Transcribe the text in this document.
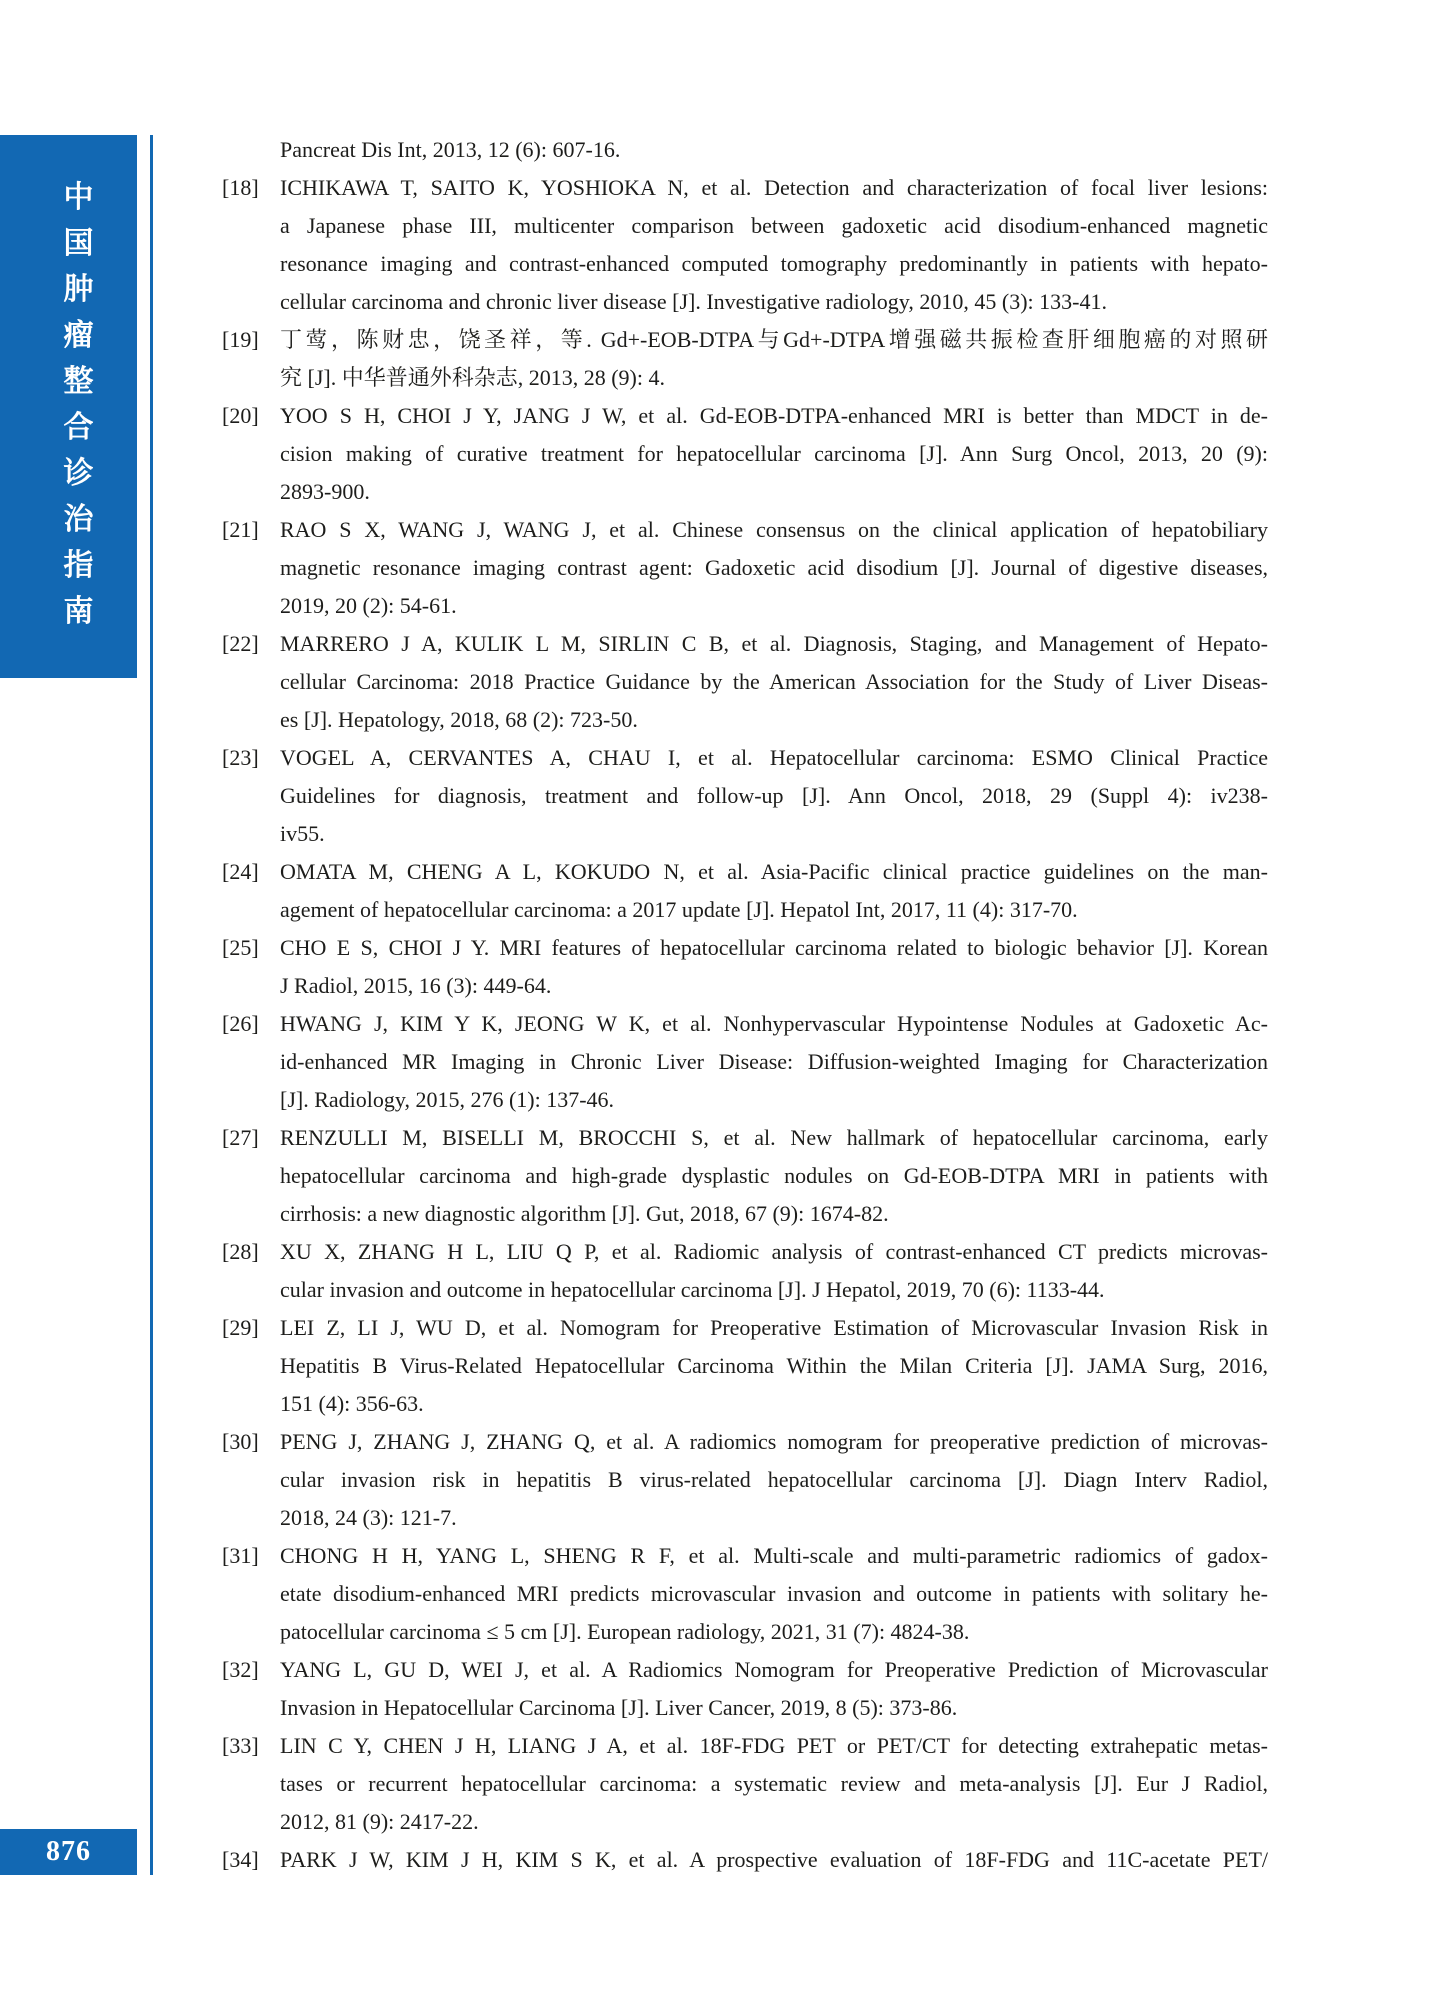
中
国
肿
瘤
整
合
诊
治
指
南
876
Pancreat Dis Int, 2013, 12 (6): 607-16.
[18] ICHIKAWA T, SAITO K, YOSHIOKA N, et al. Detection and characterization of focal liver lesions:
a Japanese phase III, multicenter comparison between gadoxetic acid disodium-enhanced magnetic
resonance imaging and contrast-enhanced computed tomography predominantly in patients with hepato-
cellular carcinoma and chronic liver disease [J]. Investigative radiology, 2010, 45 (3): 133-41.
[19] 丁莺，陈财忠，饶圣祥，等. Gd+-EOB-DTPA与Gd+-DTPA增强磁共振检查肝细胞癌的对照研
究 [J]. 中华普通外科杂志, 2013, 28 (9): 4.
[20] YOO S H, CHOI J Y, JANG J W, et al. Gd-EOB-DTPA-enhanced MRI is better than MDCT in de-
cision making of curative treatment for hepatocellular carcinoma [J]. Ann Surg Oncol, 2013, 20 (9):
2893-900.
[21] RAO S X, WANG J, WANG J, et al. Chinese consensus on the clinical application of hepatobiliary
magnetic resonance imaging contrast agent: Gadoxetic acid disodium [J]. Journal of digestive diseases,
2019, 20 (2): 54-61.
[22] MARRERO J A, KULIK L M, SIRLIN C B, et al. Diagnosis, Staging, and Management of Hepato-
cellular Carcinoma: 2018 Practice Guidance by the American Association for the Study of Liver Diseas-
es [J]. Hepatology, 2018, 68 (2): 723-50.
[23] VOGEL A, CERVANTES A, CHAU I, et al. Hepatocellular carcinoma: ESMO Clinical Practice
Guidelines for diagnosis, treatment and follow-up [J]. Ann Oncol, 2018, 29 (Suppl 4): iv238-
iv55.
[24] OMATA M, CHENG A L, KOKUDO N, et al. Asia-Pacific clinical practice guidelines on the man-
agement of hepatocellular carcinoma: a 2017 update [J]. Hepatol Int, 2017, 11 (4): 317-70.
[25] CHO E S, CHOI J Y. MRI features of hepatocellular carcinoma related to biologic behavior [J]. Korean
J Radiol, 2015, 16 (3): 449-64.
[26] HWANG J, KIM Y K, JEONG W K, et al. Nonhypervascular Hypointense Nodules at Gadoxetic Ac-
id-enhanced MR Imaging in Chronic Liver Disease: Diffusion-weighted Imaging for Characterization
[J]. Radiology, 2015, 276 (1): 137-46.
[27] RENZULLI M, BISELLI M, BROCCHI S, et al. New hallmark of hepatocellular carcinoma, early
hepatocellular carcinoma and high-grade dysplastic nodules on Gd-EOB-DTPA MRI in patients with
cirrhosis: a new diagnostic algorithm [J]. Gut, 2018, 67 (9): 1674-82.
[28] XU X, ZHANG H L, LIU Q P, et al. Radiomic analysis of contrast-enhanced CT predicts microvas-
cular invasion and outcome in hepatocellular carcinoma [J]. J Hepatol, 2019, 70 (6): 1133-44.
[29] LEI Z, LI J, WU D, et al. Nomogram for Preoperative Estimation of Microvascular Invasion Risk in
Hepatitis B Virus-Related Hepatocellular Carcinoma Within the Milan Criteria [J]. JAMA Surg, 2016,
151 (4): 356-63.
[30] PENG J, ZHANG J, ZHANG Q, et al. A radiomics nomogram for preoperative prediction of microvas-
cular invasion risk in hepatitis B virus-related hepatocellular carcinoma [J]. Diagn Interv Radiol,
2018, 24 (3): 121-7.
[31] CHONG H H, YANG L, SHENG R F, et al. Multi-scale and multi-parametric radiomics of gadox-
etate disodium-enhanced MRI predicts microvascular invasion and outcome in patients with solitary he-
patocellular carcinoma ≤ 5 cm [J]. European radiology, 2021, 31 (7): 4824-38.
[32] YANG L, GU D, WEI J, et al. A Radiomics Nomogram for Preoperative Prediction of Microvascular
Invasion in Hepatocellular Carcinoma [J]. Liver Cancer, 2019, 8 (5): 373-86.
[33] LIN C Y, CHEN J H, LIANG J A, et al. 18F-FDG PET or PET/CT for detecting extrahepatic metas-
tases or recurrent hepatocellular carcinoma: a systematic review and meta-analysis [J]. Eur J Radiol,
2012, 81 (9): 2417-22.
[34] PARK J W, KIM J H, KIM S K, et al. A prospective evaluation of 18F-FDG and 11C-acetate PET/
